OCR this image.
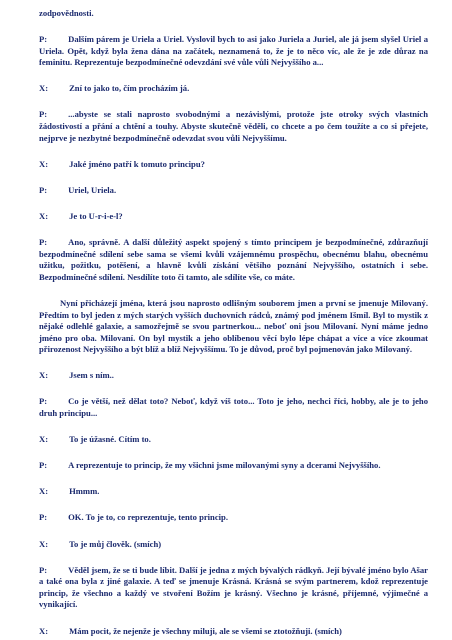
zodpovědnosti.

P: Dalším párem je Uriela a Uriel. Vyslovil bych to asi jako Juriela a Juriel, ale já jsem slyšel Uriel a Uriela. Opět, když byla žena dána na začátek, neznamená to, že je to něco víc, ale že je zde důraz na feminitu. Reprezentuje bezpodmínečné odevzdání své vůle vůli Nejvyššího a...

X: Zní to jako to, čím procházím já.

P: ...abyste se stali naprosto svobodnými a nezávislými, protože jste otroky svých vlastních žádostivostí a přání a chtění a touhy. Abyste skutečně věděli, co chcete a po čem toužíte a co si přejete, nejprve je nezbytné bezpodmínečně odevzdat svou vůli Nejvyššímu.

X: Jaké jméno patří k tomuto principu?

P: Uriel, Uriela.

X: Je to U-r-i-e-l?

P: Ano, správně. A další důležitý aspekt spojený s tímto principem je bezpodmínečné, zdůrazňují bezpodmínečné sdílení sebe sama se všemi kvůli vzájemnému prospěchu, obecnému blahu, obecnému užitku, požitku, potěšení, a hlavně kvůli získání většího poznání Nejvyššího, ostatních i sebe. Bezpodmínečné sdílení. Nesdílíte toto či tamto, ale sdílíte vše, co máte.

Nyní přicházejí jména, která jsou naprosto odlišným souborem jmen a první se jmenuje Milovaný. Předtím to byl jeden z mých starých vyšších duchovních rádců, známý pod jménem Išmíl. Byl to mystik z nějaké odlehlé galaxie, a samozřejmě se svou partnerkou... neboť oni jsou Milovaní. Nyní máme jedno jméno pro oba. Milovaní. On byl mystik a jeho oblíbenou věcí bylo lépe chápat a více a více zkoumat přirozenost Nejvyššího a být blíž a blíž Nejvyššímu. To je důvod, proč byl pojmenován jako Milovaný.

X: Jsem s ním..

P: Co je větší, než dělat toto? Neboť, když víš toto... Toto je jeho, nechci říci, hobby, ale je to jeho druh principu...

X: To je úžasné. Cítím to.

P: A reprezentuje to princip, že my všichni jsme milovanými syny a dcerami Nejvyššího.

X: Hmmm.

P: OK. To je to, co reprezentuje, tento princip.

X: To je můj člověk. (smích)

P: Věděl jsem, že se ti bude líbit. Další je jedna z mých bývalých rádkyň. Její bývalé jméno bylo Ašar a také ona byla z jiné galaxie. A teď se jmenuje Krásná. Krásná se svým partnerem, kdož reprezentuje princip, že všechno a každý ve stvoření Božím je krásný. Všechno je krásné, příjemné, výjimečné a vynikající.

X: Mám pocit, že nejenže je všechny miluji, ale se všemi se ztotožňuji. (smích)
